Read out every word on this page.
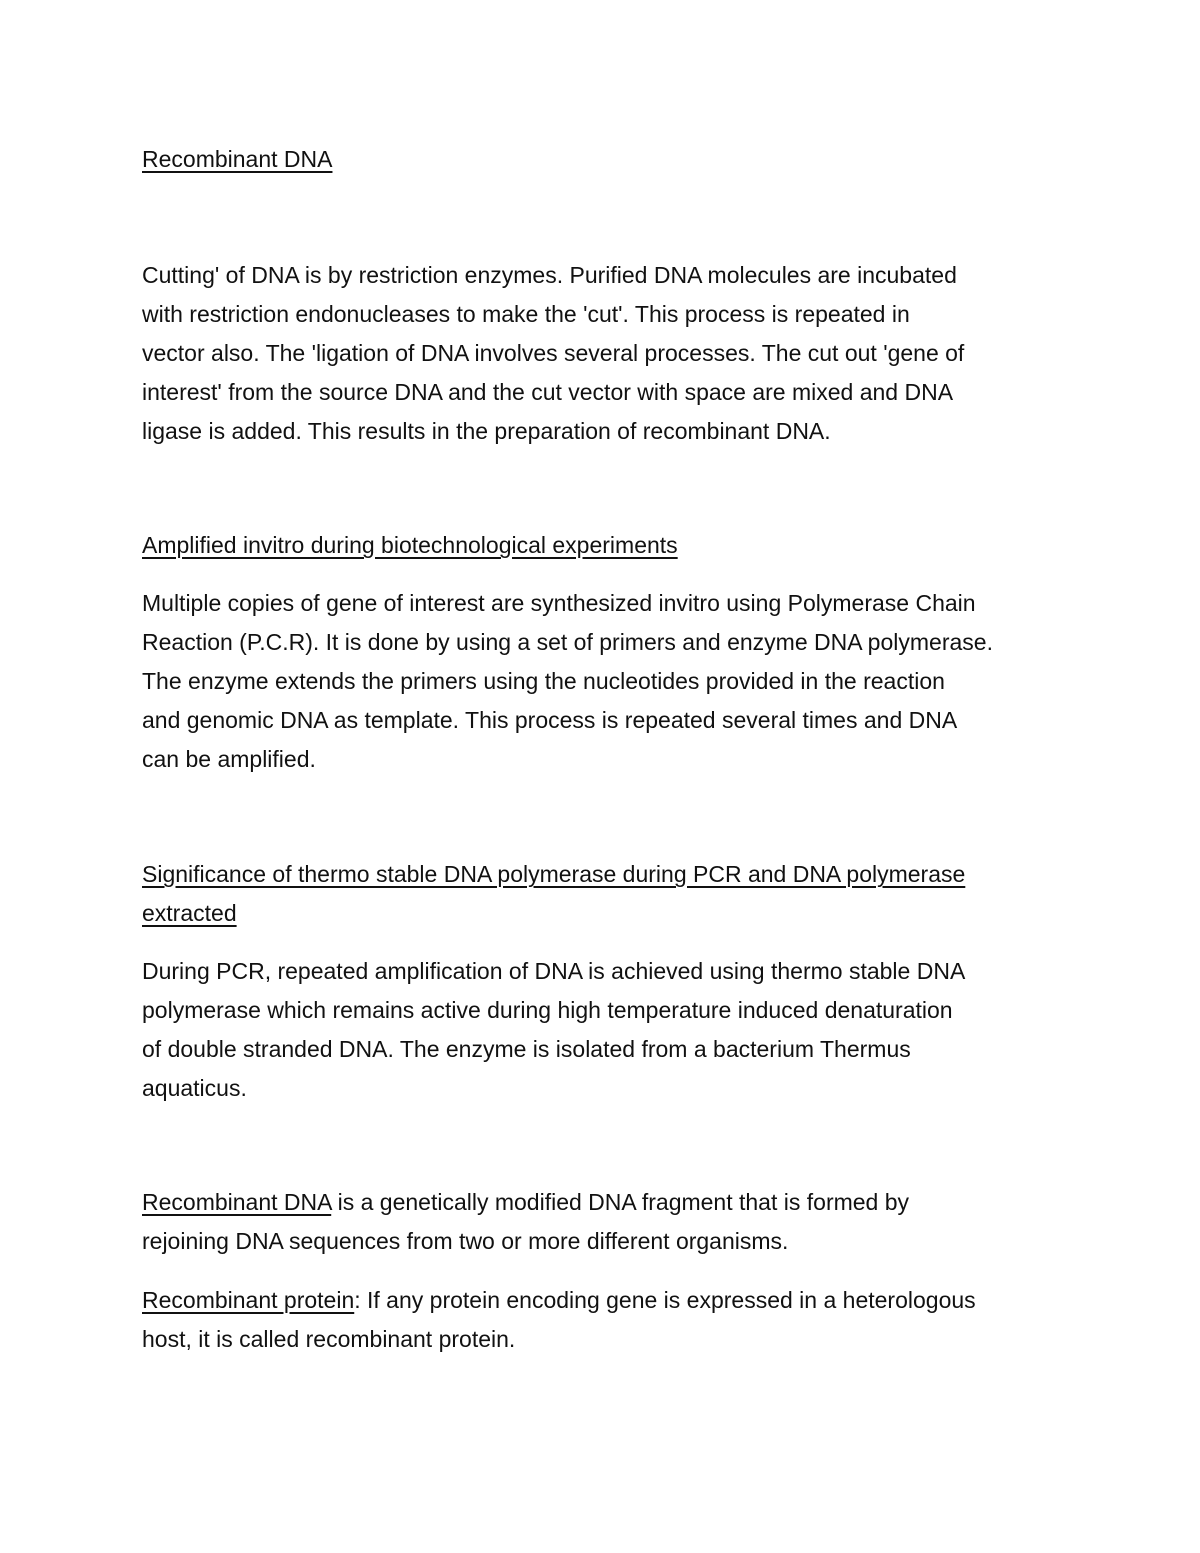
Recombinant DNA

Cutting' of DNA is by restriction enzymes. Purified DNA molecules are incubated
with restriction endonucleases to make the 'cut'. This process is repeated in
vector also. The 'ligation of DNA involves several processes. The cut out 'gene of
interest' from the source DNA and the cut vector with space are mixed and DNA
ligase is added. This results in the preparation of recombinant DNA.

Amplified invitro during biotechnological experiments

Multiple copies of gene of interest are synthesized invitro using Polymerase Chain
Reaction (P.C.R). It is done by using a set of primers and enzyme DNA polymerase.
The enzyme extends the primers using the nucleotides provided in the reaction
and genomic DNA as template. This process is repeated several times and DNA
can be amplified.

Significance of thermo stable DNA polymerase during PCR and DNA polymerase
extracted

During PCR, repeated amplification of DNA is achieved using thermo stable DNA
polymerase which remains active during high temperature induced denaturation
of double stranded DNA. The enzyme is isolated from a bacterium Thermus
aquaticus.

Recombinant DNA is a genetically modified DNA fragment that is formed by
rejoining DNA sequences from two or more different organisms.

Recombinant protein: If any protein encoding gene is expressed in a heterologous
host, it is called recombinant protein.
